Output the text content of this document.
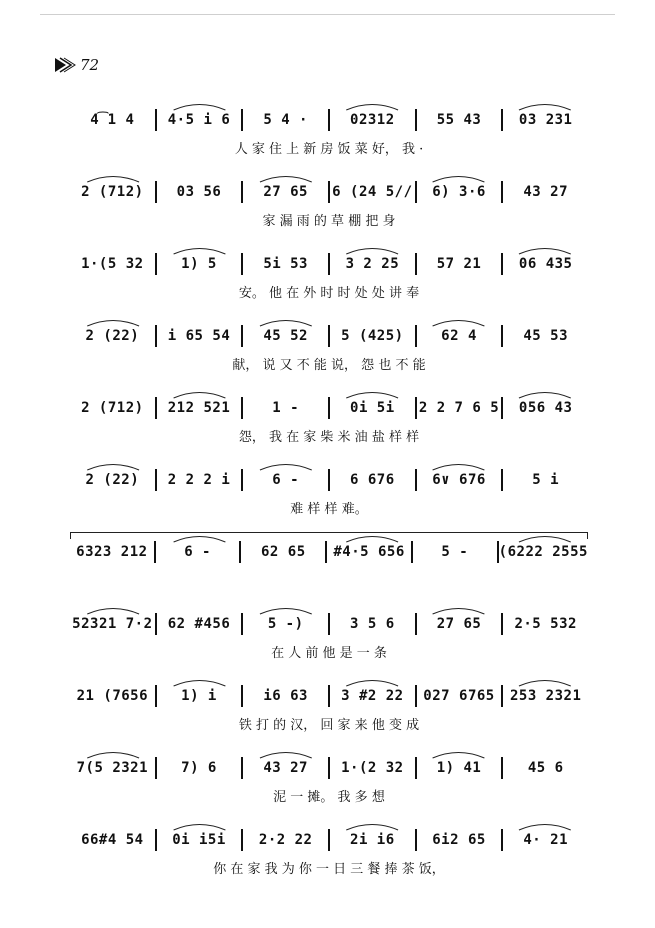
72
4͡1 4	4·5 i 6	5 4 ·	02312	55 43	03 231
人 家 住 上 新 房 饭 菜 好， 我 ·
2 (712)	03 56	27 65	6 (24 5//	6) 3·6	43 27
家 漏 雨 的 草 棚 把 身
1·(5 32	1) 5	5i 53	3 2 25	57 21	06 435
安。 他 在 外 时 时 处 处 讲 奉
2 (22)	i 65 54	45 52	5 (425)	62 4	45 53
献， 说 又 不 能 说， 怨 也 不 能
2 (712)	212 521	1 -	0i 5i	2 2 7 6 5	056 43
怨， 我 在 家 柴 米 油 盐 样 样
2 (22)	2 2 2 i	6 -	6 676	6∨ 676	5 i
难 样 样 难。
6323 212	6 -	62 65	#4·5 656	5 -	(6222 2555
52321 7·2	62 #456	5 -)	3 5 6	27 65	2·5 532
在 人 前 他 是 一 条
21 (7656	1) i	i6 63	3 #2 22	027 6765	253 2321
铁 打 的 汉， 回 家 来 他 变 成
7(5 2321	7) 6	43 27	1·(2 32	1) 41	45 6
泥 一 摊。 我 多 想
66#4 54	0i i5i	2·2 22	2i i6	6i2 65	4· 21
你 在 家 我 为 你 一 日 三 餐 捧 茶 饭，
